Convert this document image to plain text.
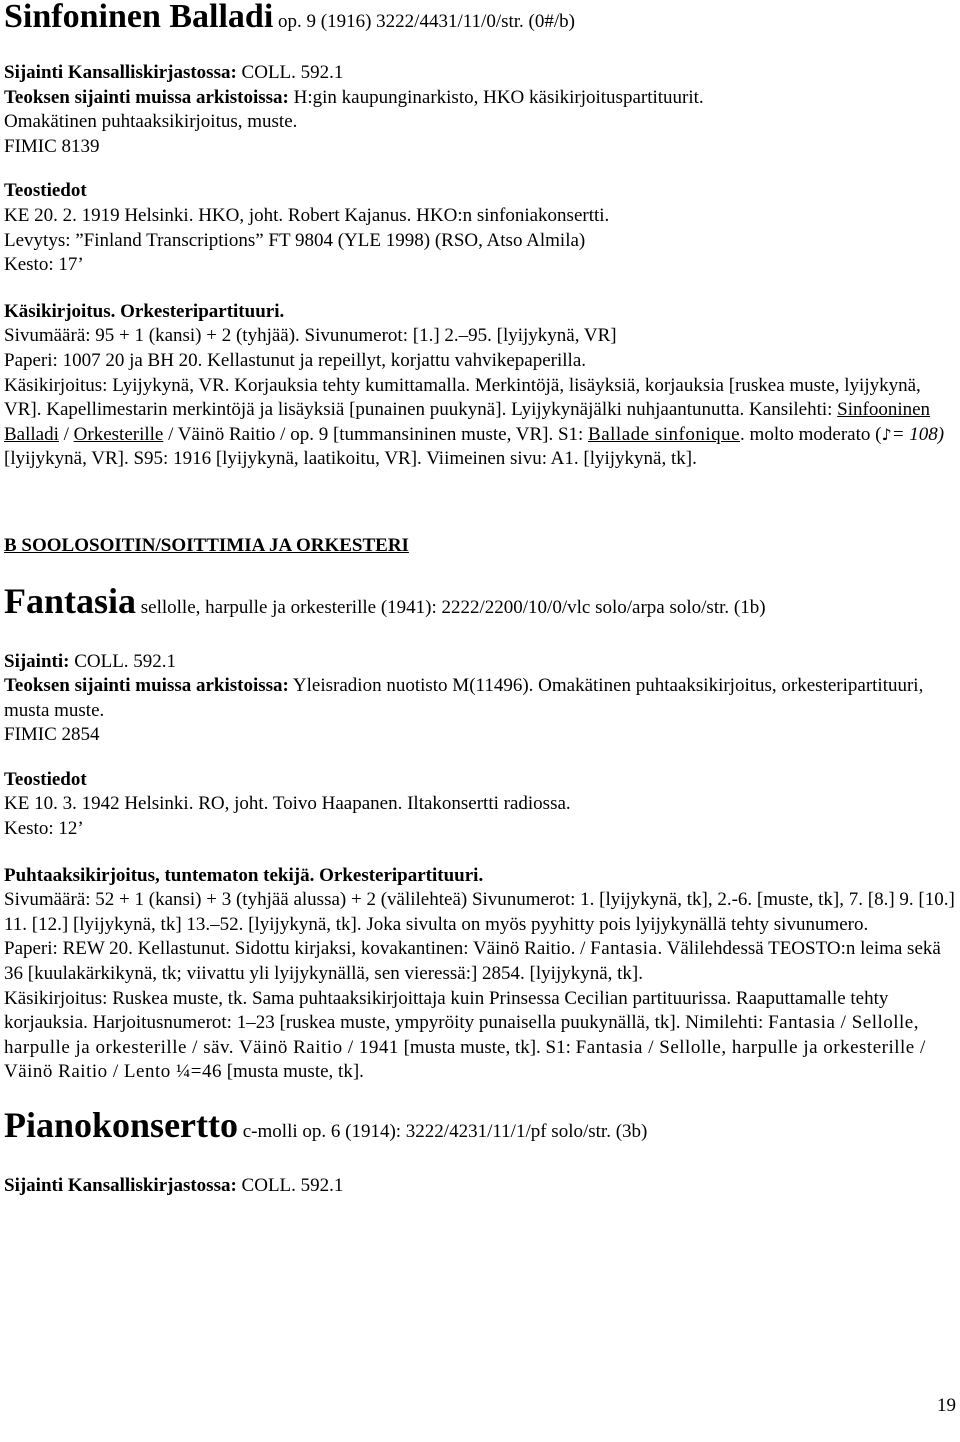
Sinfoninen Balladi op. 9 (1916) 3222/4431/11/0/str. (0#/b)

Sijainti Kansalliskirjastossa: COLL. 592.1

Teoksen sijainti muissa arkistoissa: H:gin kaupunginarkisto, HKO käsikirjoituspartituurit.

Omakätinen puhtaaksikirjoitus, muste.

FIMIC 8139

Teostiedot

KE 20. 2. 1919 Helsinki. HKO, joht. Robert Kajanus. HKO:n sinfoniakonsertti.

Levytys: ”Finland Transcriptions” FT 9804 (YLE 1998) (RSO, Atso Almila)

Kesto: 17’

Käsikirjoitus. Orkesteripartituuri.

Sivumäärä: 95 + 1 (kansi) + 2 (tyhjää). Sivunumerot: [1.] 2.–95. [lyijykynä, VR]

Paperi: 1007 20 ja BH 20. Kellastunut ja repeillyt, korjattu vahvikepaperilla.

Käsikirjoitus: Lyijykynä, VR. Korjauksia tehty kumittamalla. Merkintöjä, lisäyksiä, korjauksia [ruskea muste, lyijykynä, VR]. Kapellimestarin merkintöjä ja lisäyksiä [punainen puukynä]. Lyijykynäjälki nuhjaantunutta. Kansilehti: Sinfooninen Balladi / Orkesterille / Väinö Raitio / op. 9 [tummansininen muste, VR]. S1: Ballade sinfonique. molto moderato (♪= 108) [lyijykynä, VR]. S95: 1916 [lyijykynä, laatikoitu, VR]. Viimeinen sivu: A1. [lyijykynä, tk].

B SOOLOSOITIN/SOITTIMIA JA ORKESTERI

Fantasia sellolle, harpulle ja orkesterille (1941): 2222/2200/10/0/vlc solo/arpa solo/str. (1b)

Sijainti: COLL. 592.1

Teoksen sijainti muissa arkistoissa: Yleisradion nuotisto M(11496). Omakätinen puhtaaksikirjoitus, orkesteripartituuri, musta muste.

FIMIC 2854

Teostiedot

KE 10. 3. 1942 Helsinki. RO, joht. Toivo Haapanen. Iltakonsertti radiossa.

Kesto: 12’

Puhtaaksikirjoitus, tuntematon tekijä. Orkesteripartituuri.

Sivumäärä: 52 + 1 (kansi) + 3 (tyhjää alussa) + 2 (välilehteä) Sivunumerot: 1. [lyijykynä, tk], 2.-6. [muste, tk], 7. [8.] 9. [10.] 11. [12.] [lyijykynä, tk] 13.–52. [lyijykynä, tk]. Joka sivulta on myös pyyhitty pois lyijykynällä tehty sivunumero.

Paperi: REW 20. Kellastunut. Sidottu kirjaksi, kovakantinen: Väinö Raitio. / Fantasia. Välilehdessä TEOSTO:n leima sekä 36 [kuulakärkikynä, tk; viivattu yli lyijykynällä, sen vieressä:] 2854. [lyijykynä, tk].

Käsikirjoitus: Ruskea muste, tk. Sama puhtaaksikirjoittaja kuin Prinsessa Cecilian partituurissa. Raaputtamalle tehty korjauksia. Harjoitusnumerot: 1–23 [ruskea muste, ympyröity punaisella puukynällä, tk]. Nimilehti: Fantasia / Sellolle, harpulle ja orkesterille / säv. Väinö Raitio / 1941 [musta muste, tk]. S1: Fantasia / Sellolle, harpulle ja orkesterille / Väinö Raitio / Lento ¼=46 [musta muste, tk].

Pianokonsertto c-molli op. 6 (1914): 3222/4231/11/1/pf solo/str. (3b)

Sijainti Kansalliskirjastossa: COLL. 592.1

19
